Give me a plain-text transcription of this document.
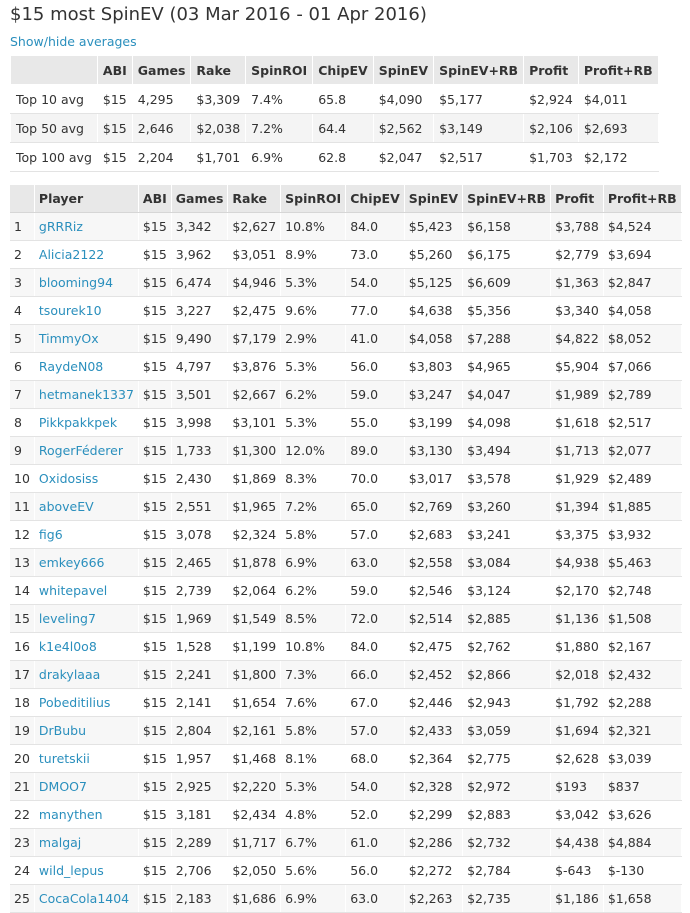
$15 most SpinEV (03 Mar 2016 - 01 Apr 2016)
Show/hide averages
	ABI	Games	Rake	SpinROI	ChipEV	SpinEV	SpinEV+RB	Profit	Profit+RB
Top 10 avg	$15	4,295	$3,309	7.4%	65.8	$4,090	$5,177	$2,924	$4,011
Top 50 avg	$15	2,646	$2,038	7.2%	64.4	$2,562	$3,149	$2,106	$2,693
Top 100 avg	$15	2,204	$1,701	6.9%	62.8	$2,047	$2,517	$1,703	$2,172
	Player	ABI	Games	Rake	SpinROI	ChipEV	SpinEV	SpinEV+RB	Profit	Profit+RB
1	gRRRiz	$15	3,342	$2,627	10.8%	84.0	$5,423	$6,158	$3,788	$4,524
2	Alicia2122	$15	3,962	$3,051	8.9%	73.0	$5,260	$6,175	$2,779	$3,694
3	blooming94	$15	6,474	$4,946	5.3%	54.0	$5,125	$6,609	$1,363	$2,847
4	tsourek10	$15	3,227	$2,475	9.6%	77.0	$4,638	$5,356	$3,340	$4,058
5	TimmyOx	$15	9,490	$7,179	2.9%	41.0	$4,058	$7,288	$4,822	$8,052
6	RaydeN08	$15	4,797	$3,876	5.3%	56.0	$3,803	$4,965	$5,904	$7,066
7	hetmanek1337	$15	3,501	$2,667	6.2%	59.0	$3,247	$4,047	$1,989	$2,789
8	Pikkpakkpek	$15	3,998	$3,101	5.3%	55.0	$3,199	$4,098	$1,618	$2,517
9	RogerFéderer	$15	1,733	$1,300	12.0%	89.0	$3,130	$3,494	$1,713	$2,077
10	Oxidosiss	$15	2,430	$1,869	8.3%	70.0	$3,017	$3,578	$1,929	$2,489
11	aboveEV	$15	2,551	$1,965	7.2%	65.0	$2,769	$3,260	$1,394	$1,885
12	fig6	$15	3,078	$2,324	5.8%	57.0	$2,683	$3,241	$3,375	$3,932
13	emkey666	$15	2,465	$1,878	6.9%	63.0	$2,558	$3,084	$4,938	$5,463
14	whitepavel	$15	2,739	$2,064	6.2%	59.0	$2,546	$3,124	$2,170	$2,748
15	leveling7	$15	1,969	$1,549	8.5%	72.0	$2,514	$2,885	$1,136	$1,508
16	k1e4l0o8	$15	1,528	$1,199	10.8%	84.0	$2,475	$2,762	$1,880	$2,167
17	drakylaaa	$15	2,241	$1,800	7.3%	66.0	$2,452	$2,866	$2,018	$2,432
18	Pobeditilius	$15	2,141	$1,654	7.6%	67.0	$2,446	$2,943	$1,792	$2,288
19	DrBubu	$15	2,804	$2,161	5.8%	57.0	$2,433	$3,059	$1,694	$2,321
20	turetskii	$15	1,957	$1,468	8.1%	68.0	$2,364	$2,775	$2,628	$3,039
21	DMOO7	$15	2,925	$2,220	5.3%	54.0	$2,328	$2,972	$193	$837
22	manythen	$15	3,181	$2,434	4.8%	52.0	$2,299	$2,883	$3,042	$3,626
23	malgaj	$15	2,289	$1,717	6.7%	61.0	$2,286	$2,732	$4,438	$4,884
24	wild_lepus	$15	2,706	$2,050	5.6%	56.0	$2,272	$2,784	$-643	$-130
25	CocaCola1404	$15	2,183	$1,686	6.9%	63.0	$2,263	$2,735	$1,186	$1,658
